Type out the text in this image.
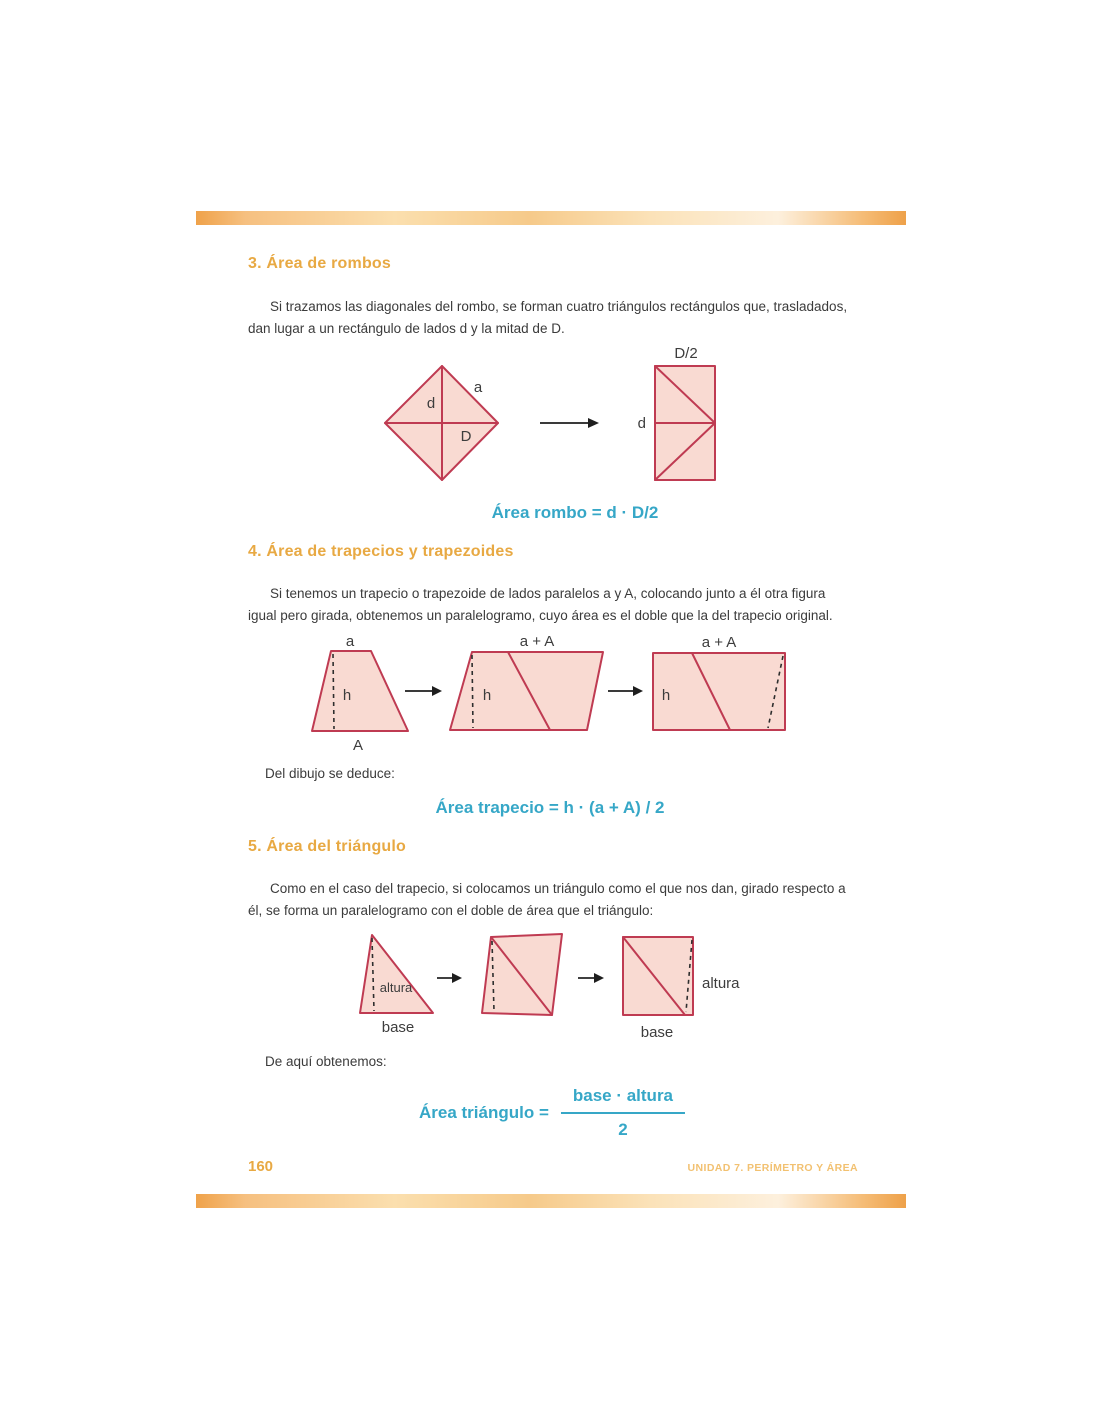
3. Área de rombos
Si trazamos las diagonales del rombo, se forman cuatro triángulos rectángulos que, trasladados,
dan lugar a un rectángulo de lados d y la mitad de D.
a
d
D
D/2
d
Área rombo = d · D/2
4. Área de trapecios y trapezoides
Si tenemos un trapecio o trapezoide de lados paralelos a y A, colocando junto a él otra figura
igual pero girada, obtenemos un paralelogramo, cuyo área es el doble que la del trapecio original.
a
h
A
h
a + A
h
a + A
Del dibujo se deduce:
Área trapecio = h · (a + A) / 2
5. Área del triángulo
Como en el caso del trapecio, si colocamos un triángulo como el que nos dan, girado respecto a
él, se forma un paralelogramo con el doble de área que el triángulo:
altura
base
altura
base
De aquí obtenemos:
Área triángulo = $\frac{\text{base · altura}}{2}$
160	UNIDAD 7. PERÍMETRO Y ÁREA
